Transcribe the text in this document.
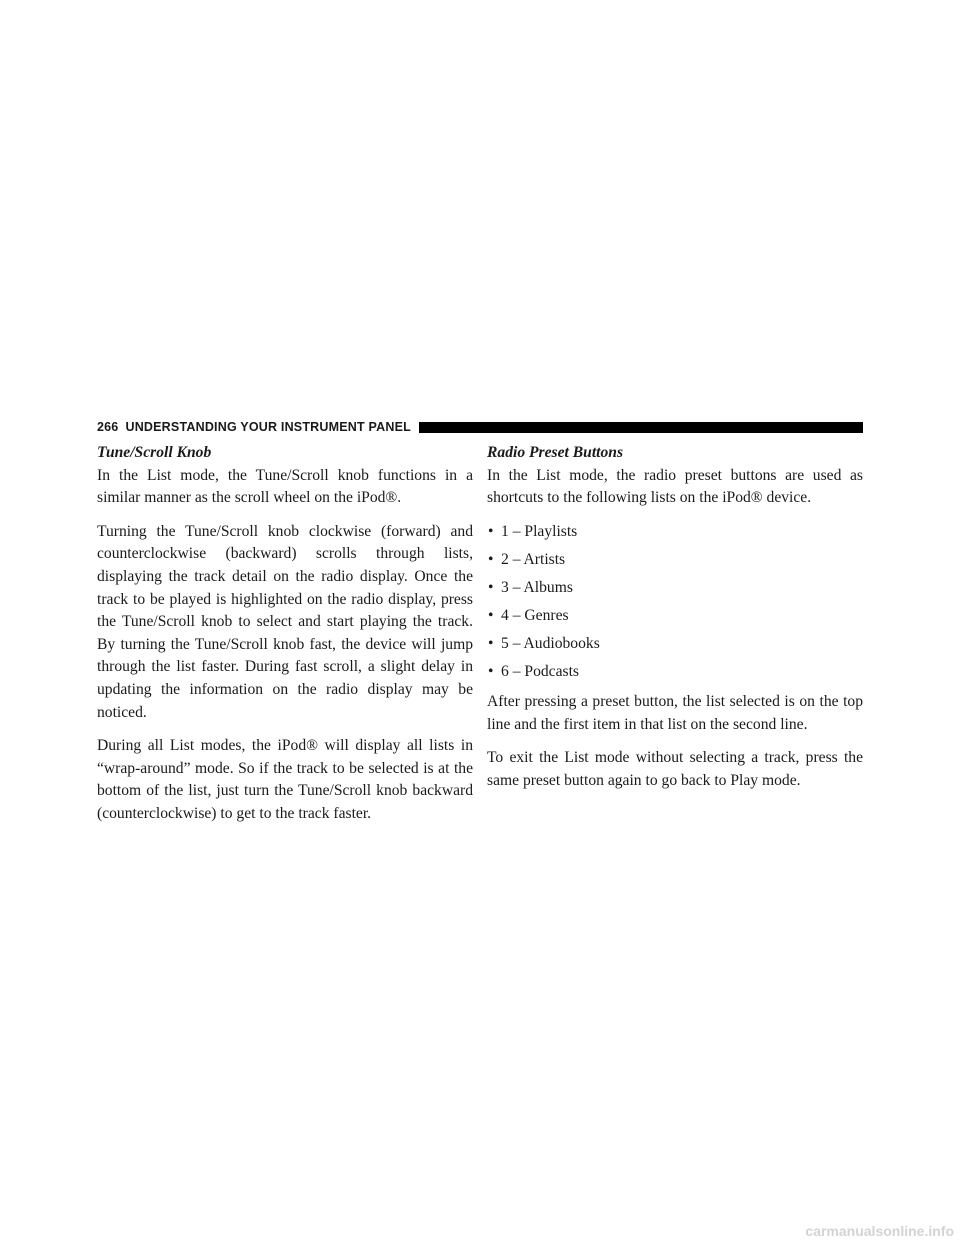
266 UNDERSTANDING YOUR INSTRUMENT PANEL
Tune/Scroll Knob

In the List mode, the Tune/Scroll knob functions in a similar manner as the scroll wheel on the iPod®.

Turning the Tune/Scroll knob clockwise (forward) and counterclockwise (backward) scrolls through lists, displaying the track detail on the radio display. Once the track to be played is highlighted on the radio display, press the Tune/Scroll knob to select and start playing the track. By turning the Tune/Scroll knob fast, the device will jump through the list faster. During fast scroll, a slight delay in updating the information on the radio display may be noticed.

During all List modes, the iPod® will display all lists in “wrap-around” mode. So if the track to be selected is at the bottom of the list, just turn the Tune/Scroll knob backward (counterclockwise) to get to the track faster.

Radio Preset Buttons

In the List mode, the radio preset buttons are used as shortcuts to the following lists on the iPod® device.

• 1 – Playlists
• 2 – Artists
• 3 – Albums
• 4 – Genres
• 5 – Audiobooks
• 6 – Podcasts

After pressing a preset button, the list selected is on the top line and the first item in that list on the second line.

To exit the List mode without selecting a track, press the same preset button again to go back to Play mode.

carmanualsonline.info
